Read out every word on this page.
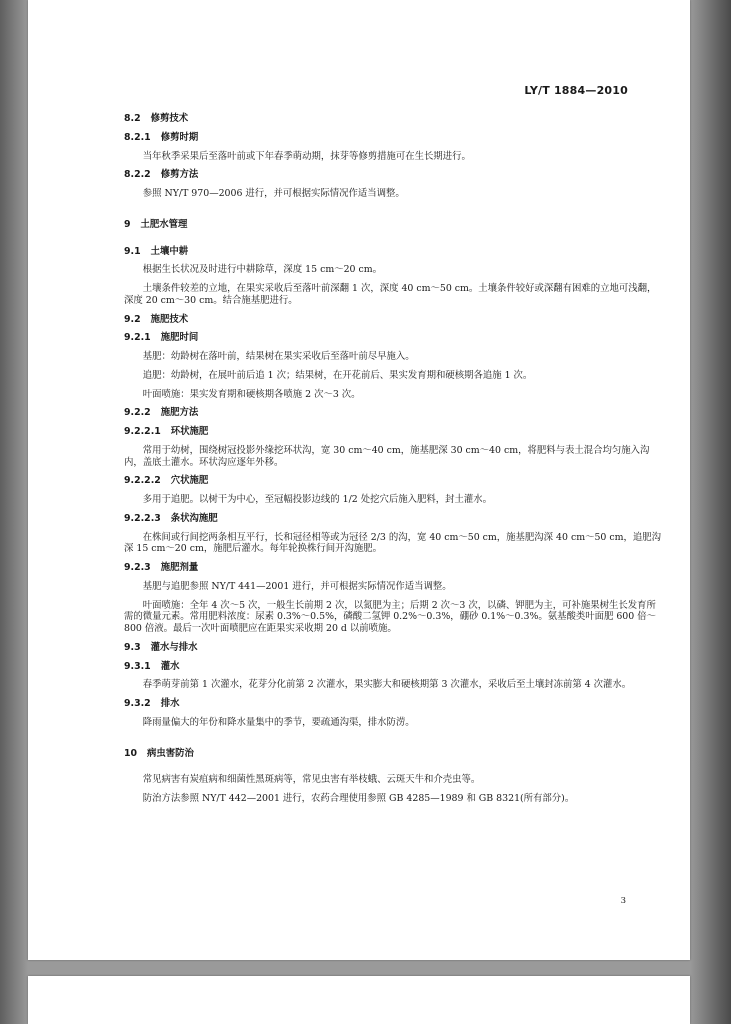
LY/T 1884—2010

8.2 修剪技术

8.2.1 修剪时期

当年秋季采果后至落叶前或下年春季萌动期，抹芽等修剪措施可在生长期进行。

8.2.2 修剪方法

参照 NY/T 970—2006 进行，并可根据实际情况作适当调整。

9 土肥水管理

9.1 土壤中耕

根据生长状况及时进行中耕除草，深度 15 cm～20 cm。

土壤条件较差的立地，在果实采收后至落叶前深翻 1 次，深度 40 cm～50 cm。土壤条件较好或深翻有困难的立地可浅翻，深度 20 cm～30 cm。结合施基肥进行。

9.2 施肥技术

9.2.1 施肥时间

基肥：幼龄树在落叶前，结果树在果实采收后至落叶前尽早施入。

追肥：幼龄树，在展叶前后追 1 次；结果树，在开花前后、果实发育期和硬核期各追施 1 次。

叶面喷施：果实发育期和硬核期各喷施 2 次～3 次。

9.2.2 施肥方法

9.2.2.1 环状施肥

常用于幼树，围绕树冠投影外缘挖环状沟，宽 30 cm～40 cm，施基肥深 30 cm～40 cm，将肥料与表土混合均匀施入沟内，盖底土灌水。环状沟应逐年外移。

9.2.2.2 穴状施肥

多用于追肥。以树干为中心，至冠幅投影边线的 1/2 处挖穴后施入肥料，封土灌水。

9.2.2.3 条状沟施肥

在株间或行间挖两条相互平行，长和冠径相等或为冠径 2/3 的沟，宽 40 cm～50 cm，施基肥沟深 40 cm～50 cm，追肥沟深 15 cm～20 cm，施肥后灌水。每年轮换株行间开沟施肥。

9.2.3 施肥剂量

基肥与追肥参照 NY/T 441—2001 进行，并可根据实际情况作适当调整。

叶面喷施：全年 4 次～5 次，一般生长前期 2 次，以氮肥为主；后期 2 次～3 次，以磷、钾肥为主，可补施果树生长发育所需的微量元素。常用肥料浓度：尿素 0.3%～0.5%，磷酸二氢钾 0.2%～0.3%，硼砂 0.1%～0.3%。氨基酸类叶面肥 600 倍～800 倍液。最后一次叶面喷肥应在距果实采收期 20 d 以前喷施。

9.3 灌水与排水

9.3.1 灌水

春季萌芽前第 1 次灌水，花芽分化前第 2 次灌水，果实膨大和硬核期第 3 次灌水，采收后至土壤封冻前第 4 次灌水。

9.3.2 排水

降雨量偏大的年份和降水量集中的季节，要疏通沟渠，排水防涝。

10 病虫害防治

常见病害有炭疽病和细菌性黑斑病等，常见虫害有举枝蛾、云斑天牛和介壳虫等。

防治方法参照 NY/T 442—2001 进行，农药合理使用参照 GB 4285—1989 和 GB 8321(所有部分)。

3
